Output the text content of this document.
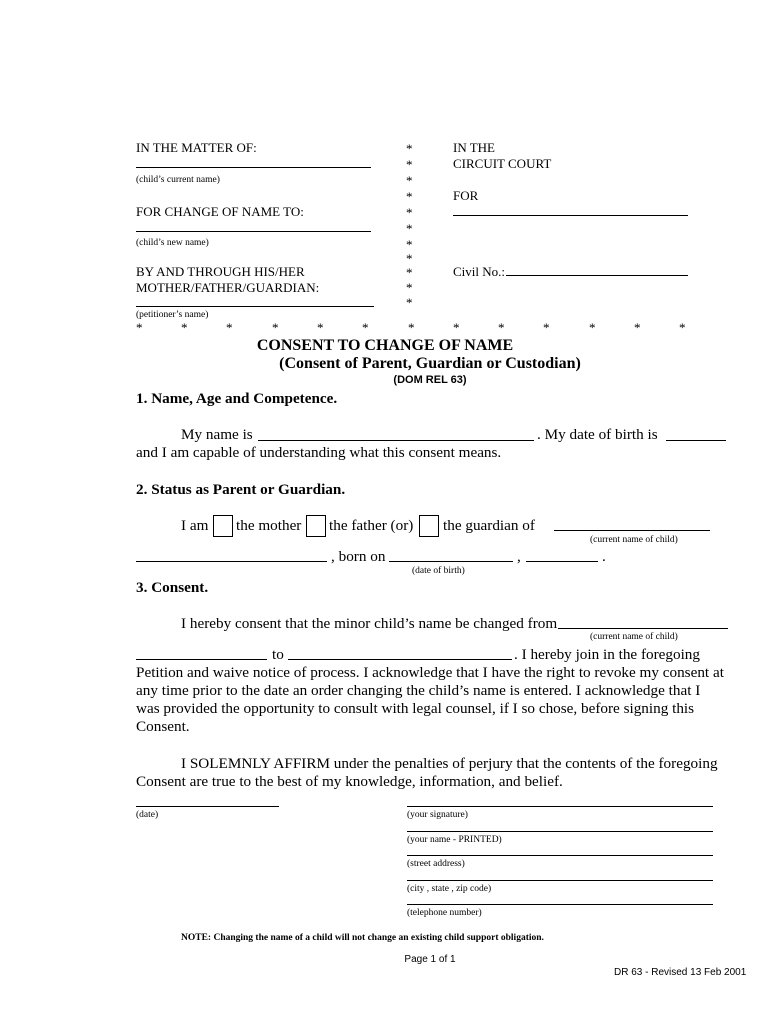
IN THE MATTER OF:
(child’s current name)
FOR CHANGE OF NAME TO:
(child’s new name)
BY AND THROUGH HIS/HER
MOTHER/FATHER/GUARDIAN:
(petitioner’s name)
*
*
*
*
*
*
*
*
*
*
*
IN THE
CIRCUIT COURT
FOR
Civil No.:
*	*	*	*	*	*	*	*	*	*	*	*	*
CONSENT TO CHANGE OF NAME
(Consent of Parent, Guardian or Custodian)
(DOM REL 63)
1. Name, Age and Competence.
My name is	. My date of birth is
and I am capable of understanding what this consent means.
2. Status as Parent or Guardian.
I am the mother the father (or) the guardian of
(current name of child)
, born on	,	.
(date of birth)
3. Consent.
I hereby consent that the minor child’s name be changed from
(current name of child)
to	. I hereby join in the foregoing
Petition and waive notice of process. I acknowledge that I have the right to revoke my consent at
any time prior to the date an order changing the child’s name is entered. I acknowledge that I
was provided the opportunity to consult with legal counsel, if I so chose, before signing this
Consent.
I SOLEMNLY AFFIRM under the penalties of perjury that the contents of the foregoing
Consent are true to the best of my knowledge, information, and belief.
(date)	(your signature)
(your name - PRINTED)
(street address)
(city , state , zip code)
(telephone number)
NOTE: Changing the name of a child will not change an existing child support obligation.
Page 1 of 1
DR 63 - Revised 13 Feb 2001
